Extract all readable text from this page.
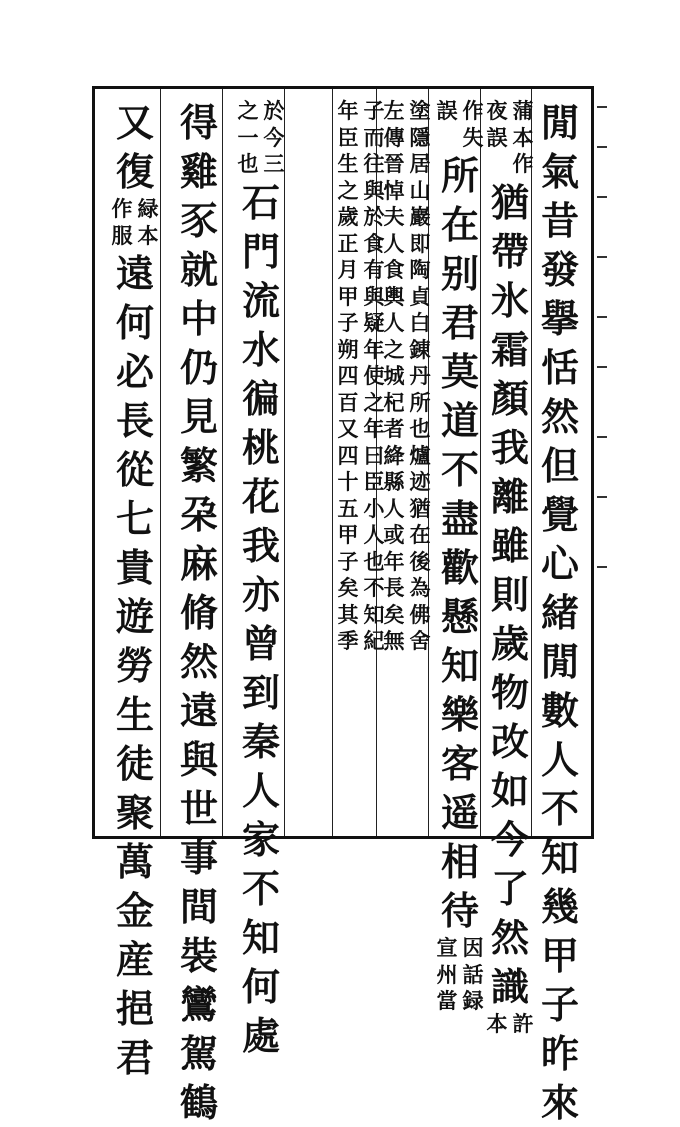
閒
氣
昔
發
擧
恬
然
但
覺
心
緒
閒
數
人
不
知
幾
甲
子
昨
來
蒲
本
作
夜
誤
猶
帶
氷
霜
顏
我
離
雖
則
歲
物
改
如
今
了
然
識
許
本
作
誤
失
所
在
别
君
莫
道
不
盡
歡
懸
知
樂
客
遥
相
待
因
話
録
宣
州
當
塗
隱
居
山
巖
即
陶
貞
白
錬
丹
所
也
爐
迹
猶
在
後
為
佛
舍
左
傳
晉
悼
夫
人
食
輿
人
之
城
杞
者
絳
縣
人
或
年
長
矣
無
子
而
往
與
於
食
有
與
疑
年
使
之
年
曰
臣
小
人
也
不
知
紀
年
臣
生
之
歲
正
月
甲
子
朔
四
百
又
四
十
五
甲
子
矣
其
季
於
今
三
之
一
也
石
門
流
水
徧
桃
花
我
亦
曾
到
秦
人
家
不
知
何
處
得
雞
豕
就
中
仍
見
繁
朶
麻
脩
然
遠
與
世
事
間
裝
鸞
駕
鶴
又
復
緑
本
作
服
遠
何
必
長
從
七
貴
遊
勞
生
徒
聚
萬
金
産
挹
君
